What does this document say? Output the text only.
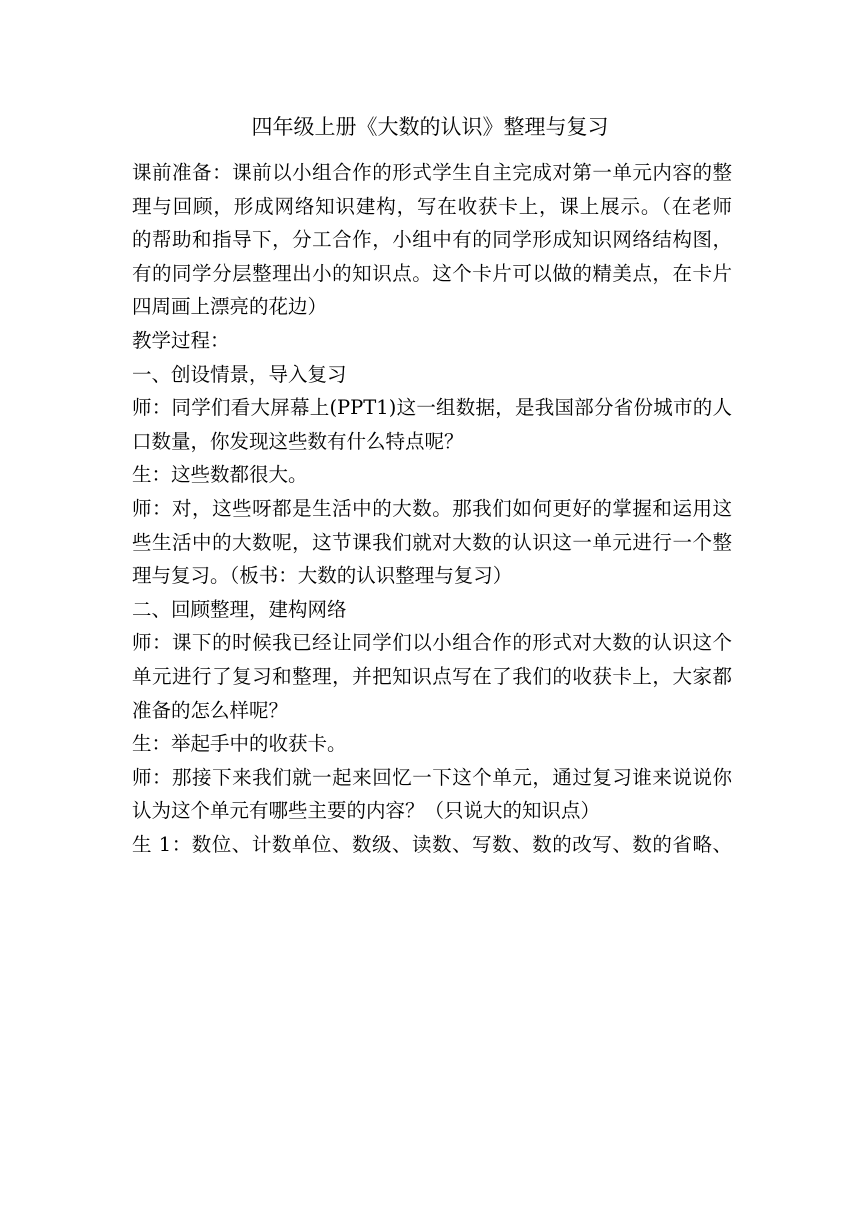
四年级上册《大数的认识》整理与复习

课前准备：课前以小组合作的形式学生自主完成对第一单元内容的整
理与回顾，形成网络知识建构，写在收获卡上，课上展示。（在老师
的帮助和指导下，分工合作，小组中有的同学形成知识网络结构图，
有的同学分层整理出小的知识点。这个卡片可以做的精美点，在卡片
四周画上漂亮的花边）

教学过程：

一、创设情景，导入复习

师：同学们看大屏幕上(PPT1)这一组数据，是我国部分省份城市的人
口数量，你发现这些数有什么特点呢？

生：这些数都很大。

师：对，这些呀都是生活中的大数。那我们如何更好的掌握和运用这
些生活中的大数呢，这节课我们就对大数的认识这一单元进行一个整
理与复习。（板书：大数的认识整理与复习）

二、回顾整理，建构网络

师：课下的时候我已经让同学们以小组合作的形式对大数的认识这个
单元进行了复习和整理，并把知识点写在了我们的收获卡上，大家都
准备的怎么样呢？

生：举起手中的收获卡。

师：那接下来我们就一起来回忆一下这个单元，通过复习谁来说说你
认为这个单元有哪些主要的内容？（只说大的知识点）

生 1：数位、计数单位、数级、读数、写数、数的改写、数的省略、
